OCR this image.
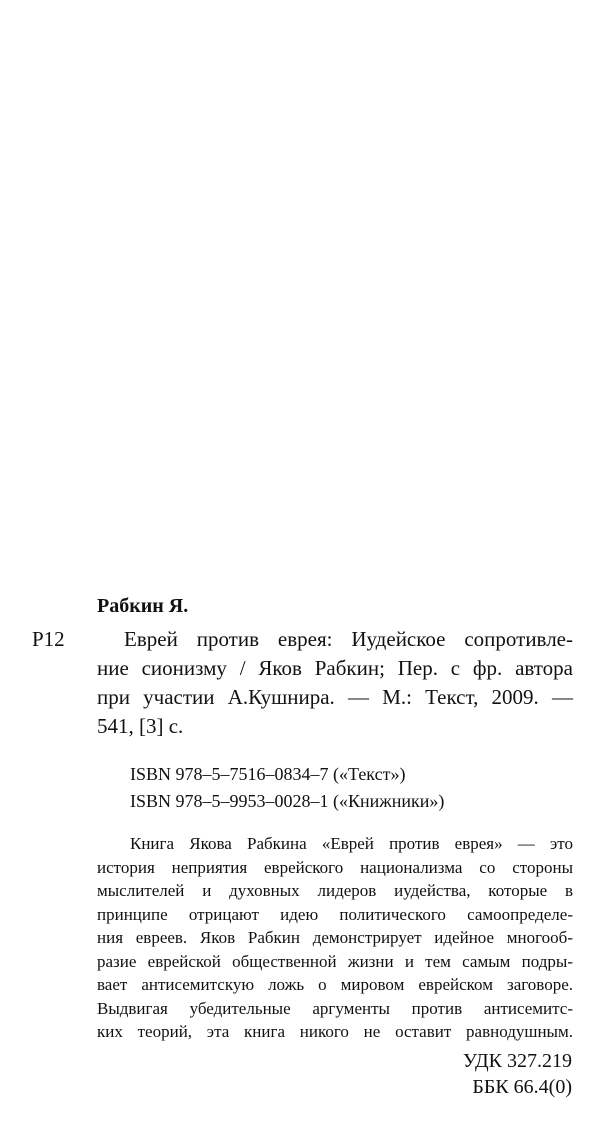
Рабкин Я.
Р12	Еврей против еврея: Иудейское сопротивле-
ние сионизму / Яков Рабкин; Пер. с фр. автора
при участии А.Кушнира. — М.: Текст, 2009. —
541, [3] с.
ISBN 978–5–7516–0834–7 («Текст»)
ISBN 978–5–9953–0028–1 («Книжники»)
Книга Якова Рабкина «Еврей против еврея» — это
история неприятия еврейского национализма со стороны
мыслителей и духовных лидеров иудейства, которые в
принципе отрицают идею политического самоопределе-
ния евреев. Яков Рабкин демонстрирует идейное многооб-
разие еврейской общественной жизни и тем самым подры-
вает антисемитскую ложь о мировом еврейском заговоре.
Выдвигая убедительные аргументы против антисемитс-
ких теорий, эта книга никого не оставит равнодушным.
УДК 327.219
ББК 66.4(0)
